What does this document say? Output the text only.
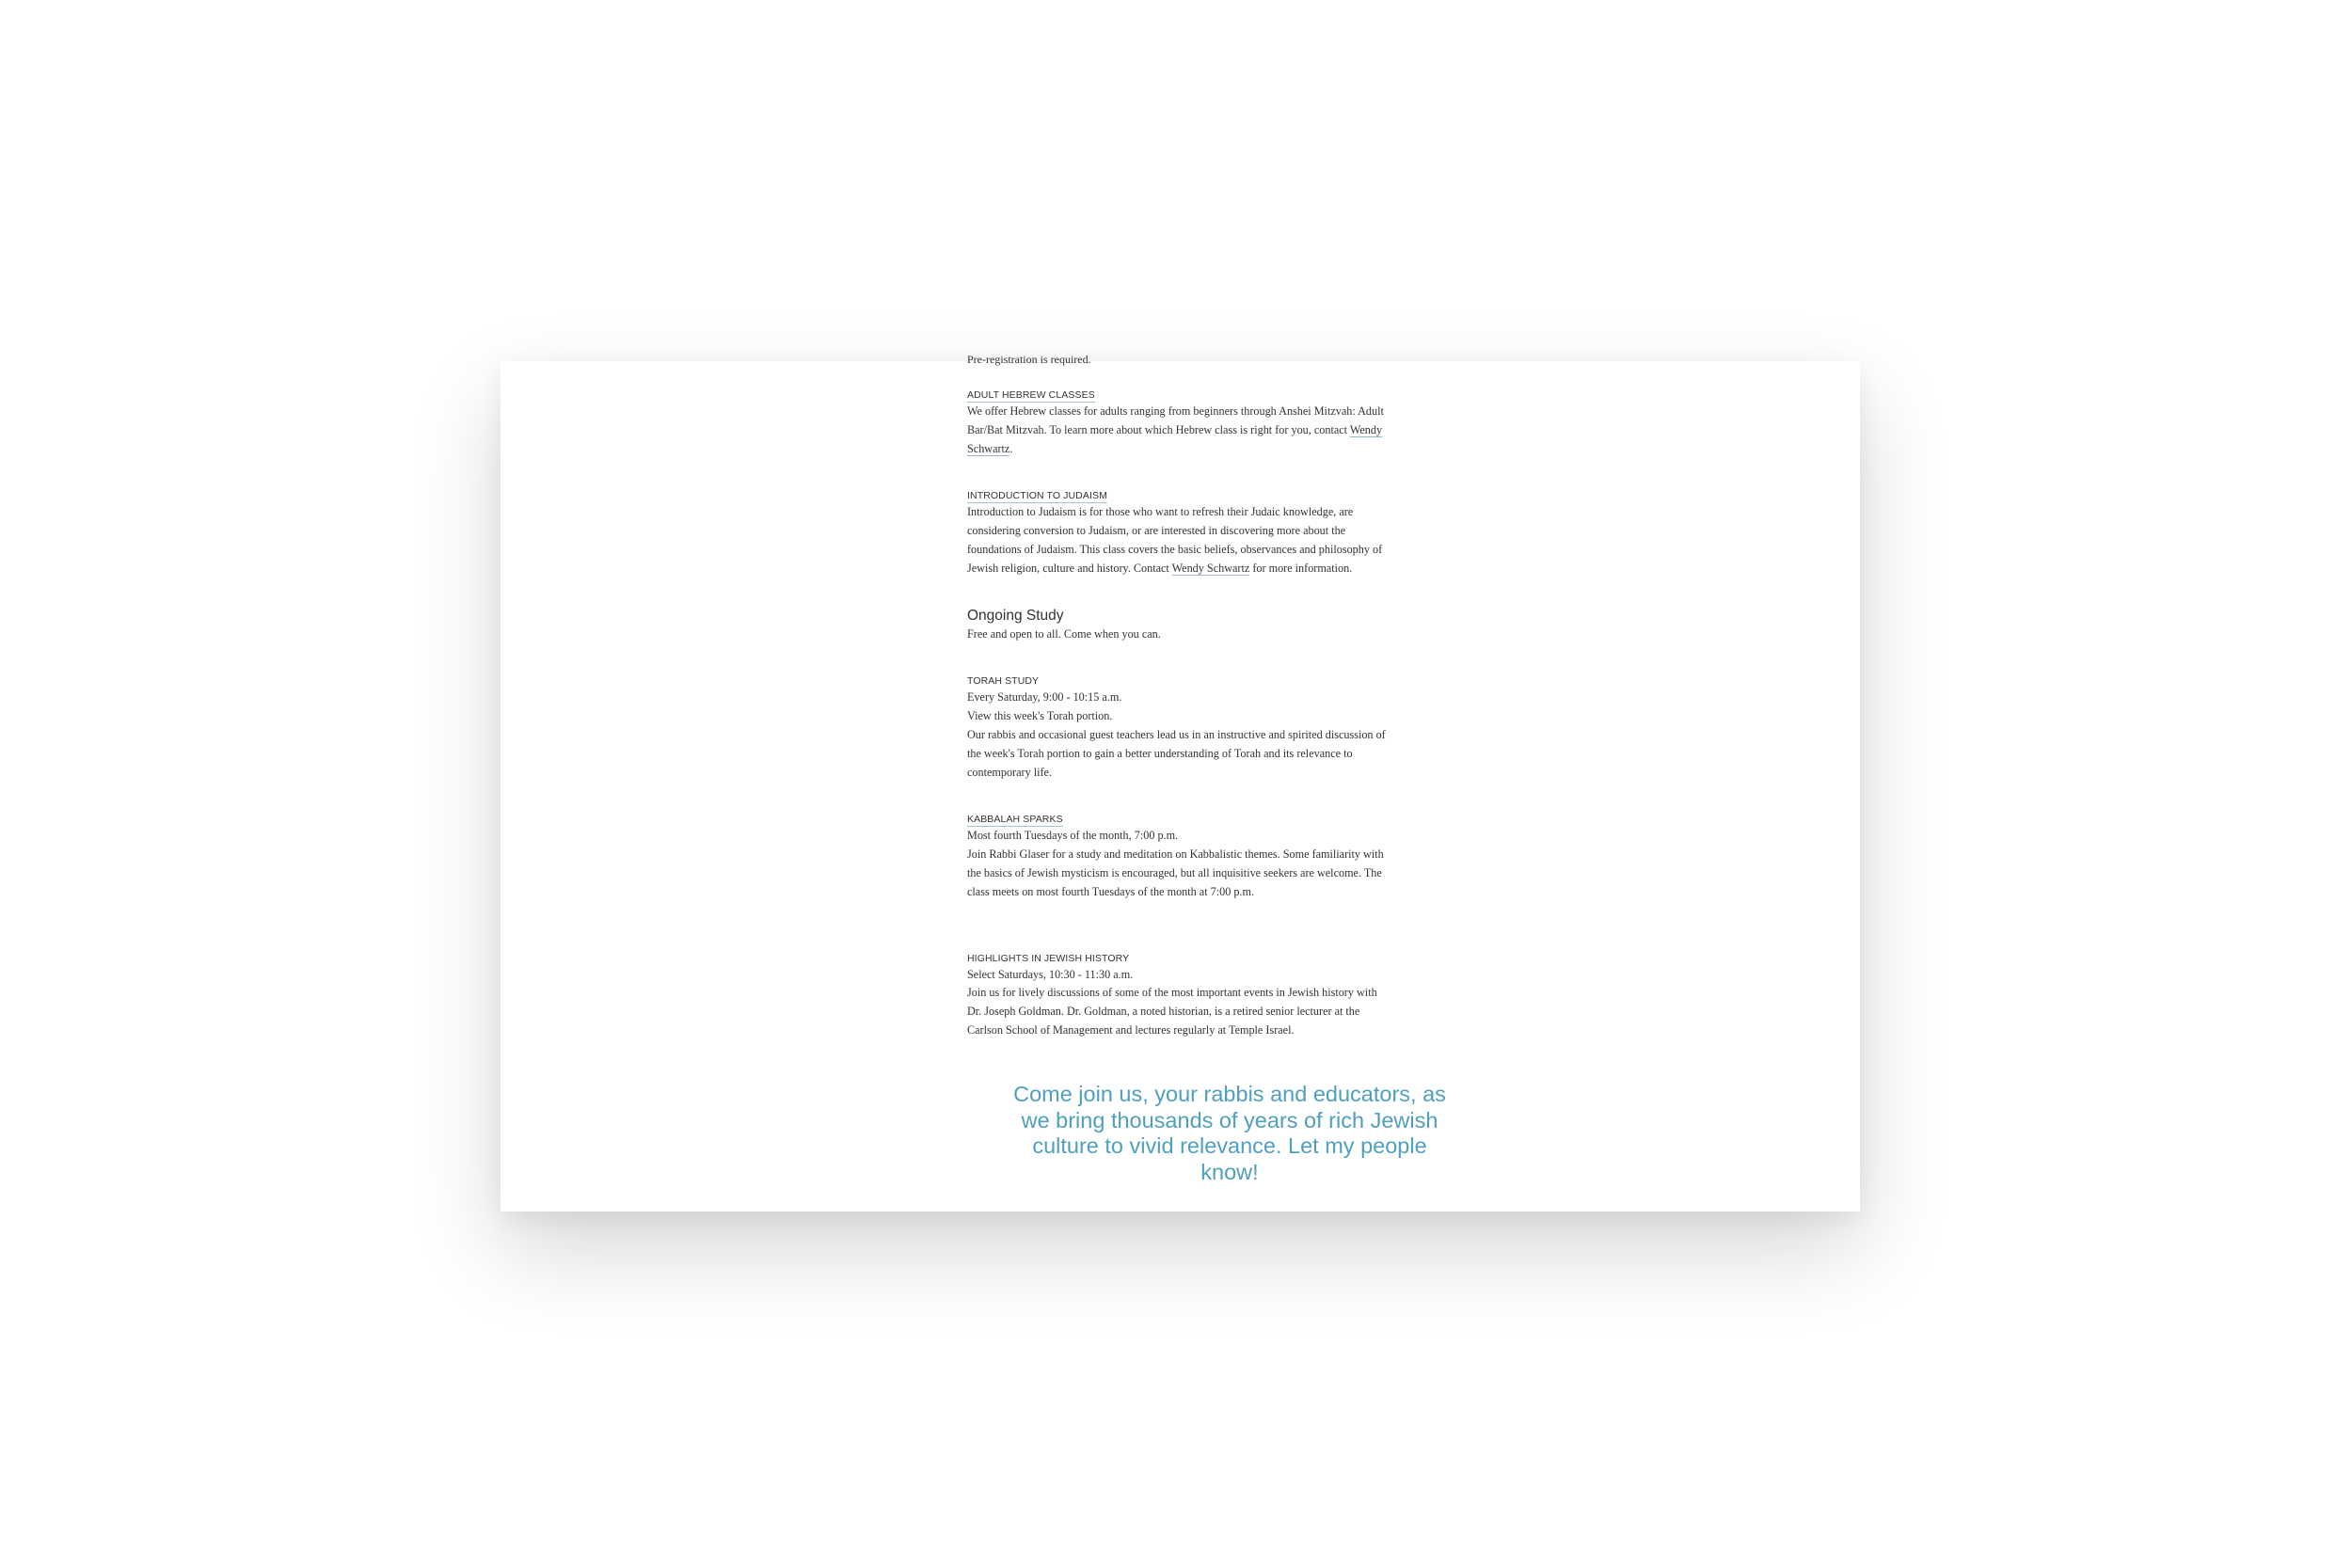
Pre-registration is required.
ADULT HEBREW CLASSES

We offer Hebrew classes for adults ranging from beginners through Anshei Mitzvah: Adult Bar/Bat Mitzvah. To learn more about which Hebrew class is right for you, contact Wendy Schwartz.

INTRODUCTION TO JUDAISM

Introduction to Judaism is for those who want to refresh their Judaic knowledge, are considering conversion to Judaism, or are interested in discovering more about the foundations of Judaism. This class covers the basic beliefs, observances and philosophy of Jewish religion, culture and history. Contact Wendy Schwartz for more information.

Ongoing Study

Free and open to all. Come when you can.

TORAH STUDY

Every Saturday, 9:00 - 10:15 a.m.

View this week's Torah portion.

Our rabbis and occasional guest teachers lead us in an instructive and spirited discussion of the week's Torah portion to gain a better understanding of Torah and its relevance to contemporary life.

KABBALAH SPARKS

Most fourth Tuesdays of the month, 7:00 p.m.

Join Rabbi Glaser for a study and meditation on Kabbalistic themes. Some familiarity with the basics of Jewish mysticism is encouraged, but all inquisitive seekers are welcome. The class meets on most fourth Tuesdays of the month at 7:00 p.m.

HIGHLIGHTS IN JEWISH HISTORY

Select Saturdays, 10:30 - 11:30 a.m.

Join us for lively discussions of some of the most important events in Jewish history with Dr. Joseph Goldman. Dr. Goldman, a noted historian, is a retired senior lecturer at the Carlson School of Management and lectures regularly at Temple Israel.

Come join us, your rabbis and educators, as we bring thousands of years of rich Jewish culture to vivid relevance. Let my people know!
